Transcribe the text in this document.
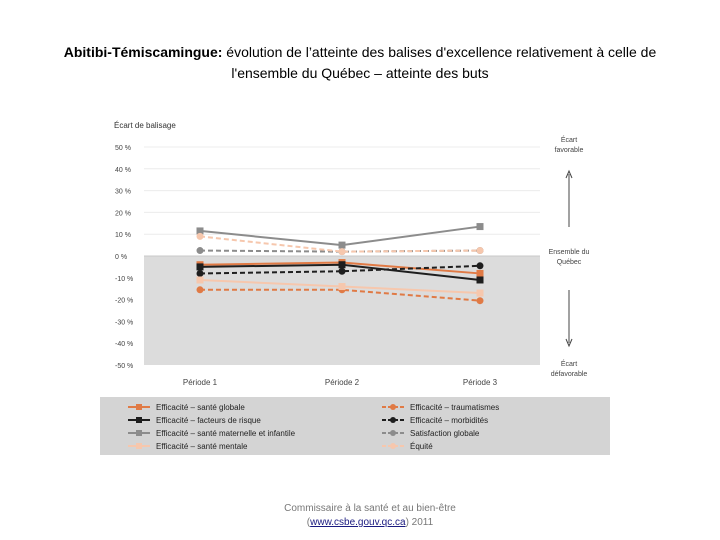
Abitibi-Témiscamingue: évolution de l’atteinte des balises d'excellence relativement à celle de l'ensemble du Québec – atteinte des buts
Écart de balisage
50 %
40 %
30 %
20 %
10 %
0 %
-10 %
-20 %
-30 %
-40 %
-50 %
Période 1	Période 2	Période 3
Écart
favorable
Ensemble du
Québec
Écart
défavorable
Efficacité – santé globale	Efficacité – traumatismes
Efficacité – facteurs de risque	Efficacité – morbidités
Efficacité – santé maternelle et infantile	Satisfaction globale
Efficacité – santé mentale	Équité
Commissaire à la santé et au bien-être
(www.csbe.gouv.qc.ca) 2011
